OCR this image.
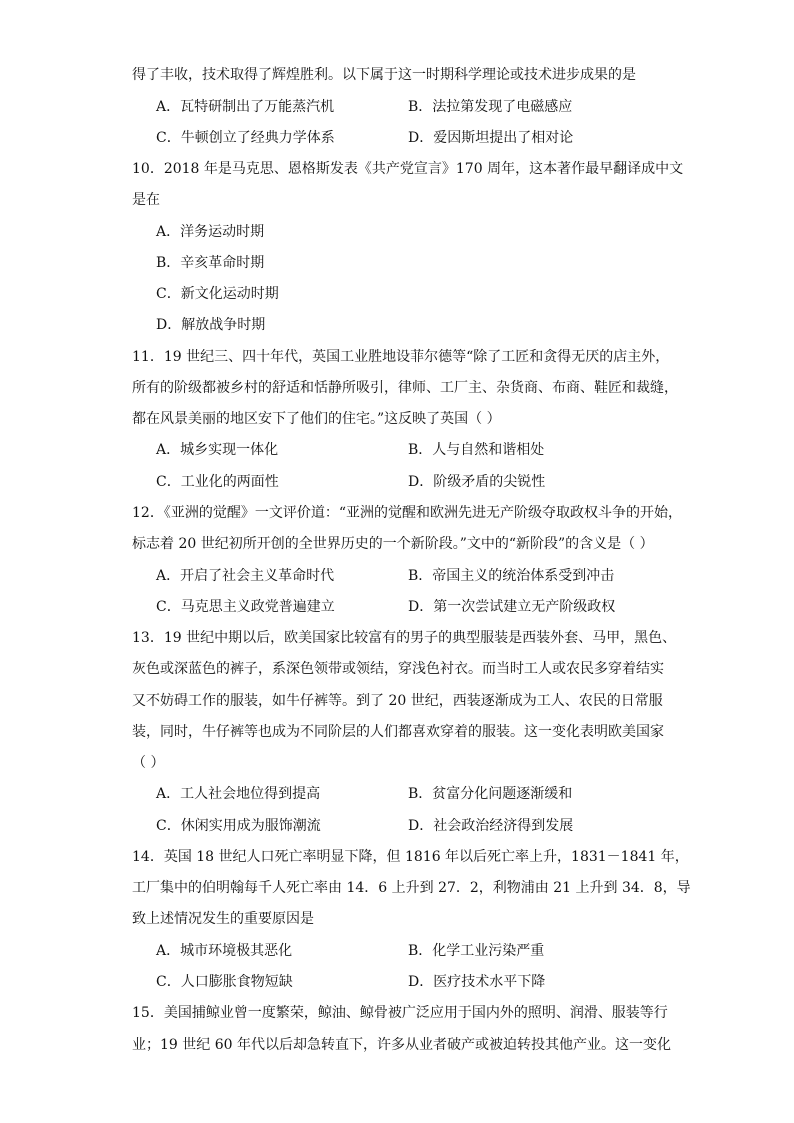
得了丰收，技术取得了辉煌胜利。以下属于这一时期科学理论或技术进步成果的是
A．瓦特研制出了万能蒸汽机	B．法拉第发现了电磁感应
C．牛顿创立了经典力学体系	D．爱因斯坦提出了相对论
10．2018 年是马克思、恩格斯发表《共产党宣言》170 周年，这本著作最早翻译成中文
是在
A．洋务运动时期
B．辛亥革命时期
C．新文化运动时期
D．解放战争时期
11．19 世纪三、四十年代，英国工业胜地设菲尔德等“除了工匠和贪得无厌的店主外，
所有的阶级都被乡村的舒适和恬静所吸引，律师、工厂主、杂货商、布商、鞋匠和裁缝，
都在风景美丽的地区安下了他们的住宅。”这反映了英国（ ）
A．城乡实现一体化	B．人与自然和谐相处
C．工业化的两面性	D．阶级矛盾的尖锐性
12．《亚洲的觉醒》一文评价道：“亚洲的觉醒和欧洲先进无产阶级夺取政权斗争的开始，
标志着 20 世纪初所开创的全世界历史的一个新阶段。”文中的“新阶段”的含义是（ ）
A．开启了社会主义革命时代	B．帝国主义的统治体系受到冲击
C．马克思主义政党普遍建立	D．第一次尝试建立无产阶级政权
13．19 世纪中期以后，欧美国家比较富有的男子的典型服装是西装外套、马甲，黑色、
灰色或深蓝色的裤子，系深色领带或领结，穿浅色衬衣。而当时工人或农民多穿着结实
又不妨碍工作的服装，如牛仔裤等。到了 20 世纪，西装逐渐成为工人、农民的日常服
装，同时，牛仔裤等也成为不同阶层的人们都喜欢穿着的服装。这一变化表明欧美国家
（ ）
A．工人社会地位得到提高	B．贫富分化问题逐渐缓和
C．休闲实用成为服饰潮流	D．社会政治经济得到发展
14．英国 18 世纪人口死亡率明显下降，但 1816 年以后死亡率上升，1831－1841 年，
工厂集中的伯明翰每千人死亡率由 14．6 上升到 27．2，利物浦由 21 上升到 34．8，导
致上述情况发生的重要原因是
A．城市环境极其恶化	B．化学工业污染严重
C．人口膨胀食物短缺	D．医疗技术水平下降
15．美国捕鲸业曾一度繁荣，鲸油、鲸骨被广泛应用于国内外的照明、润滑、服装等行
业；19 世纪 60 年代以后却急转直下，许多从业者破产或被迫转投其他产业。这一变化
